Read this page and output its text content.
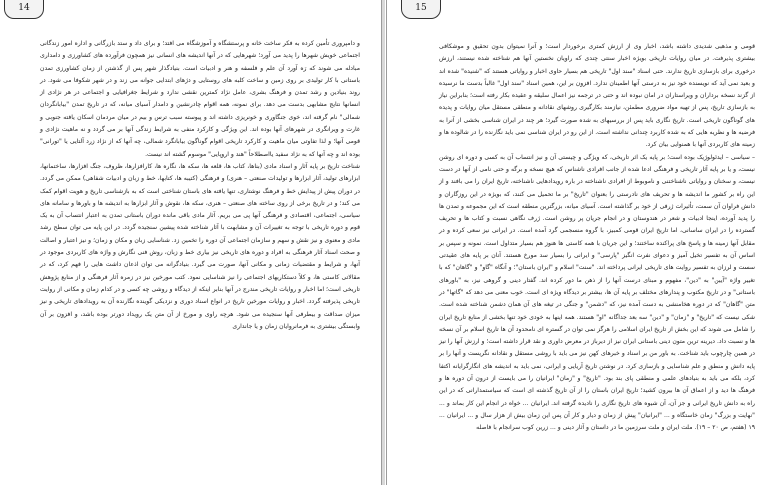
14

و دامپروری تأمین کرده به فکر ساخت خانه و پرستشگاه و آموزشگاه می افتد؛ و برای داد و ستد بازرگانی و اداره امور زندگانی اجتماعی خویش شهرها را پدید می آورد؛ شهرهایی که در آنها اندیشه های انسانی نیز همچون فرآورده های کشاورزی و دامداری مبادله می شوند که رَه آورد آن علم و فلسفه و هنر و ادبیات است. بنیادگذار شهر پس از گذشتن از زمان کشاورزی تمدن باستانی با کار تولیدی بر روی زمین و ساخت کلبه های روستایی و دژهای ابتدایی جوانه می زند و در شهر شکوفا می شود. در روند بنیادین و رشد تمدن و فرهنگ بشری، عامل نژاد کمترین نقشی ندارد و شرایط جغرافیایی و اجتماعی در هر نژادی از انسانها نتایج مشابهی بدست می دهد. برای نمونه، همه اقوام چادرنشین و دامدار آسیای میانه، که در تاریخ تمدن "بیابانگردان شمالی" نام گرفته اند، خوی جنگاوری و خونریزی داشته اند و پیوسته سبب ترس و بیم در میان مردمان اسکان یافته جنوبی و غارت و ویرانگری در شهرهای آنها بوده اند. این ویژگی و کارکرد منفی به شرایط زندگی آنها بر می گردد و نه ماهیت نژادی و قومی آنها؛ و لذا تفاوتی میان ماهیت و کارکرد تاریخی اقوام گوناگون بیابانگرد شمالی، چه آنها که از نژاد زرد آلتایی یا "تورانی" بوده اند و چه آنها که به نژاد سفید یااصطلاحاً "هند و اروپایی" موسوم گشته اند نیست.

شناخت تاریخ بر پایه آثار و اسناد مادی (بناها، کتاب ها، قلعه ها، سکه ها، نگاره ها، کارافزارها، ظروف، جنگ افزارها، ساختمانها، ابزارهای تولید، آثار ابزارها و تولیدات صنعتی – هنری) و فرهنگی (کتیبه ها، کتابها، خط و زبان و ادبیات شفاهی) ممکن می گردد. در دوران پیش از پیدایش خط و فرهنگ نوشتاری، تنها یافته های باستان شناختی است که به بازشناسی تاریخ و هویت اقوام کمک می کند؛ و در تاریخ برخی از روی ساخته های صنعتی – هنری، سکه ها، نقوش و آثار ابزارها به اندیشه ها و باورها و سامانه های سیاسی، اجتماعی، اقتصادی و فرهنگی آنها پی می بریم. آثار مادی باقی مانده دوران باستانی تمدن به اعتبار انتساب آن به یک قوم و دوره تاریخی با توجه به تغییرات آن و مشابهت با آثار شناخته شده پیشین سنجیده گردد. در این پایه می توان سطح رشد مادی و معنوی و نیز نقش و سهم و سازمان اجتماعی آن دوره را تخمین زد. شناسایی زبان و مکان و زمان؛ و نیز اعتبار و اصالت و صحت اسناد آثار فرهنگی به افراد و دوره های تاریخی نیز بیاری خط و زبان، روش فنی نگارش و واژه های کاربردی موجود در آنها، و شرایط و مقتضیات زمانی و مکانی آنها، صورت می گیرد. بنیادگرانه می توان اذعان داشت هایی را فهم کرد، که در مقالاتی کاستی ها، و کلاً دستکاریهای اجتماعی را نیز شناسایی نمود. کتب مورخین نیز در زمره آثار فرهنگی و از منابع پژوهش تاریخی است؛ اما اخبار و روایات تاریخی مندرج در آنها بنابر اینکه از دیدگاه و روشی چه کسی و در کدام زمان و مکانی از روایت تاریخی پذیرفته گردد. اخبار و روایات مورخین تاریخ در انواع اسناد دوری و نزدیکی گوینده نگارنده آن به رویدادهای تاریخی و نیز میزان صداقت و بیطرفی آنها سنجیده می شود. هرچه راوی و مورخ از آن متن یک رویداد دورتر بوده باشد، و افزون بر آن وابستگی بیشتری به فرمانروایان زمان و یا جانداری

15

قومی و مذهبی شدیدی داشته باشد، اخبار وی از ارزش کمتری برخوردار است؛ و آنرا نمیتوان بدون تحقیق و موشکافی بیشتری پذیرفت. در میان روایات تاریخی بویژه اخبار سنتی چندی که راویان نخستین آنها هم شناخته شده نیستند، ارزش درخوری برای بازسازی تاریخ ندارند. حتی اسناد "سند اول" تاریخی هم بسیار حاوی اخبار و روایاتی هستند که "شنیده" شده اند و بعید نمی آید که نویسنده خود نیز به درستی آنها اطمینان ندارد. افزون بر این، همین اسناد "سند اول" غالباً بدست ما نرسیده از گزند نسخه برداران و ویراستاران در امان نبوده اند و حتی در ترجمه نیز اعمال سلیقه و عقیده بکار رفته است؛ بنابراین نیاز به بازسازی تاریخ، پس از تهیه مواد ضروری مطمئن، نیازمند بکارگیری روشهای نقادانه و منطقی مستقل میان روایات و پدیده های گوناگون تاریخی است. تاریخ نگاری باید پس از بررسیهای به شده صورت گیرد؛ هر چند در ایران شناسی بخشی از آنرا به فرضیه ها و نظریه هایی که به شده کاربرد چندانی نداشته است. از این رو در ایران شناسی نمی باید نگارنده را در شالوده ها و زمینه های کاربردی آنها با همنوایی بیان کرد.

– سیاسی – ایدئولوژیک بوده است؛ بر پایه یک اثر تاریخی، که ویژگی و چیستی آن و نیز انتساب آن به کسی و دوره ای روشن نیست، و یا بر پایه آثار تاریخی و فرهنگی ادعا شده از جانب افرادی ناشناس که هیچ نسخه و برگه و حتی نامی از آنها در دست نیست، و سخنان و روایاتی ناشناختنی و ناموبوط از افرادی ناشناخته در باره رویدادهایی ناشناخته، تاریخ ایران را می بافند و از این راه بر کشور ما اندیشه ها و تحریف های نادرستی را بعنوان "تاریخ" بر ما تحمیل می کنند، که بویژه در این روزگاران و دانش فراوان آن سمت، تأثیرات ژرفی از خود بر گذاشته است. آسیای میانه، بزرگترین منطقه است که این مجموعه و تمدن ها را پدید آورده، اینجا ادبیات و شعر در هندوستان و در انجام جریان پر روشن است. ژرف نگاهی نسبت و کتاب ها و تحریف گسترده را در ایران ساسانی، اما تاریخ ایران قومی کمبیز، با گروه منسجمی گرد آمده است. در ایرانی نیز سعی کرده و در مقابل آنها زمینه ها و پاسخ های پراکنده ساختند؛ و این جریان با همه کاستی ها هنوز هم بسیار متداول است. نمونه و سپس بر اساس آن به تفسیر تخیل آمیز و دعوای نفرت انگیز "پارسی" و ایرانی را بسیار سد مورخ هستند. آنان بر پایه های عقیدتی سست و لرزان به تفسیر روایت های تاریخی ایرانی پرداخته اند. "سنت" اسلام و "ایران باستان"؛ و آنگاه "گاو" و "گاهان" که با تغییر واژه "آیین" به "دین"، مفهوم و مبنای درست آنها را از ذهن ما دور کرده اند. گفتار دینی و گروهی نیز، به "باورهای باستانی" و در تاریخ مکتوب و پندارهای مختلف بر پایه آن ها، بیشتر بر دیدگاه ویژه ای است. خوب معنی می دهد که "گاتها" در متن "گاهان" که در دوره هخامنشی به دست آمده نیز، که "دشمن" و جنگی در تیغه های آن همان دشمن شناخته شده است. شکی نیست که "تاریخ" و "زمان" و "دین" سه بعد جداگانه "او" هستند. همه اینها به خودی خود تنها بخشی از منابع تاریخ ایران را شامل می شوند که این بخش از تاریخ ایران اسلامی را هرگز نمی توان در گستره ای نامحدود آن ها تاریخ اسلام بر آن نسخه ها و نسبت داد. دیرینه ترین متون دینی باستانی ایران نیز از دیرباز در معرض داوری و نقد قرار داشته است؛ و ارزش آنها را نیز در همین چارچوب باید شناخت. به باور من بر اسناد و خبرهای کهن نیز می باید با روشی مستقل و نقادانه نگریست و آنها را بر پایه دانش و منطق و علم شناسایی و بازسازی کرد. در نوشتن تاریخ آریایی و ایرانی، نمی باید به اندیشه های انگارگرایانه اکتفا کرد، بلکه می باید به بنیادهای علمی و منطقی پای بند بود. "تاریخ" و "زمان" ایرانیان را می بایست از درون آن دوره ها و فرهنگ ها دید و از اعماق آن ها بیرون کشید؛ تاریخ ایران باستان را از آن تاریخ گذشته ای است که سیاستمدارانی که در این راه به دانش تاریخ ایرانی و جز آن، آن شیوه های تاریخ نگاری را نادیده گرفته اند. ایرانیان ... خواه در انجام این کار بماند و ... "نهایت و بزرگ" زمان خاستگاه و ... "ایرانیان" پیش از زمان و دیار و کار آن پس این زمان بیش از هزار سال و ... ایرانیان ... ۱۹ (هفتم، ص ۲۰ – ۱۹). ملت ایران و ملت سرزمین ما در داستان و آثار دینی و ... زرین کوب سرانجام با فاصله
